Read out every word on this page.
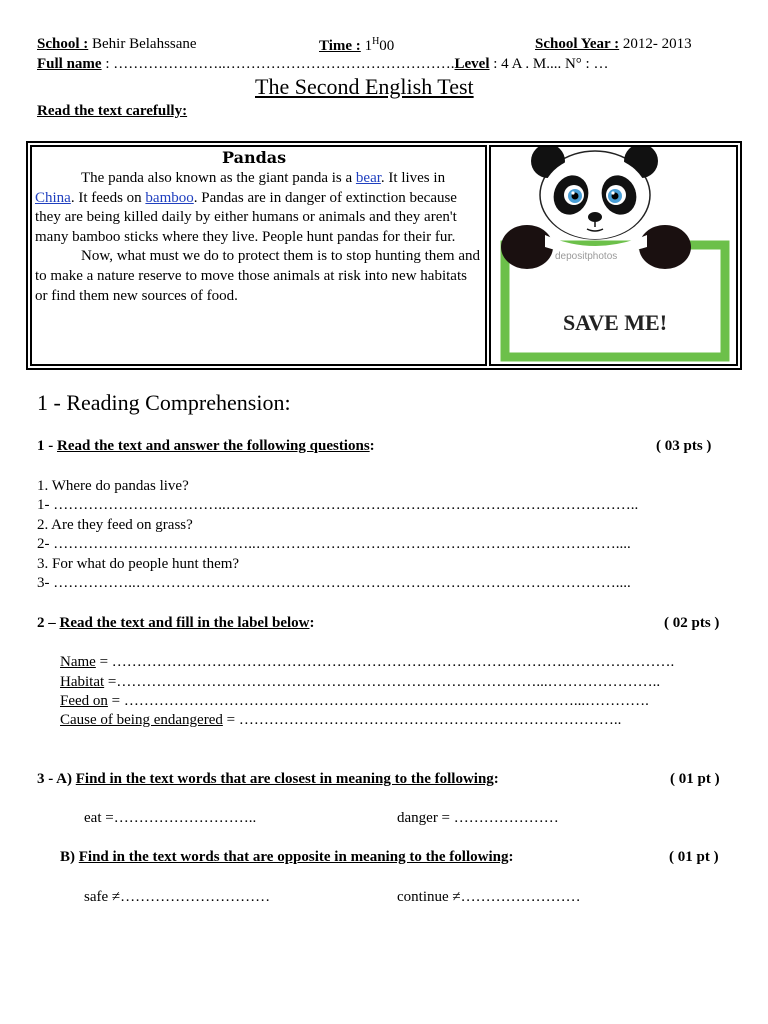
School : Behir Belahssane	Time : $1^H00$	School Year : 2012- 2013
Full name : …………………..……………………………………….Level : 4 A . M.... N° : …
The Second English Test
Read the text carefully:
Pandas

The panda also known as the giant panda is a bear. It lives in China. It feeds on bamboo. Pandas are in danger of extinction because they are being killed daily by either humans or animals and they aren't many bamboo sticks where they live. People hunt pandas for their fur.

Now, what must we do to protect them is to stop hunting them and to make a nature reserve to move those animals at risk into new habitats or find them new sources of food.

depositphotos
SAVE ME!
1 - Reading Comprehension:
1 - Read the text and answer the following questions:	( 03 pts )
1. Where do pandas live?
1- ……………………………..………………………………………………………………………..
2. Are they feed on grass?
2- …………………………………..………………………………………………………………....
3. For what do people hunt them?
3- ……………..……………………………………………………………………………………....
2 – Read the text and fill in the label below:	( 02 pts )
Name = ……………………………………………………………………………….………………….
Habitat =…………………………………………………………………………...…………………..
Feed on = ………………………………………………………………………………...………….
Cause of being endangered = …………………………………………………………………..
3 - A) Find in the text words that are closest in meaning to the following:	( 01 pt )
eat =………………………..	danger = …………………
B) Find in the text words that are opposite in meaning to the following:	( 01 pt )
safe ≠…………………………	continue ≠……………………
